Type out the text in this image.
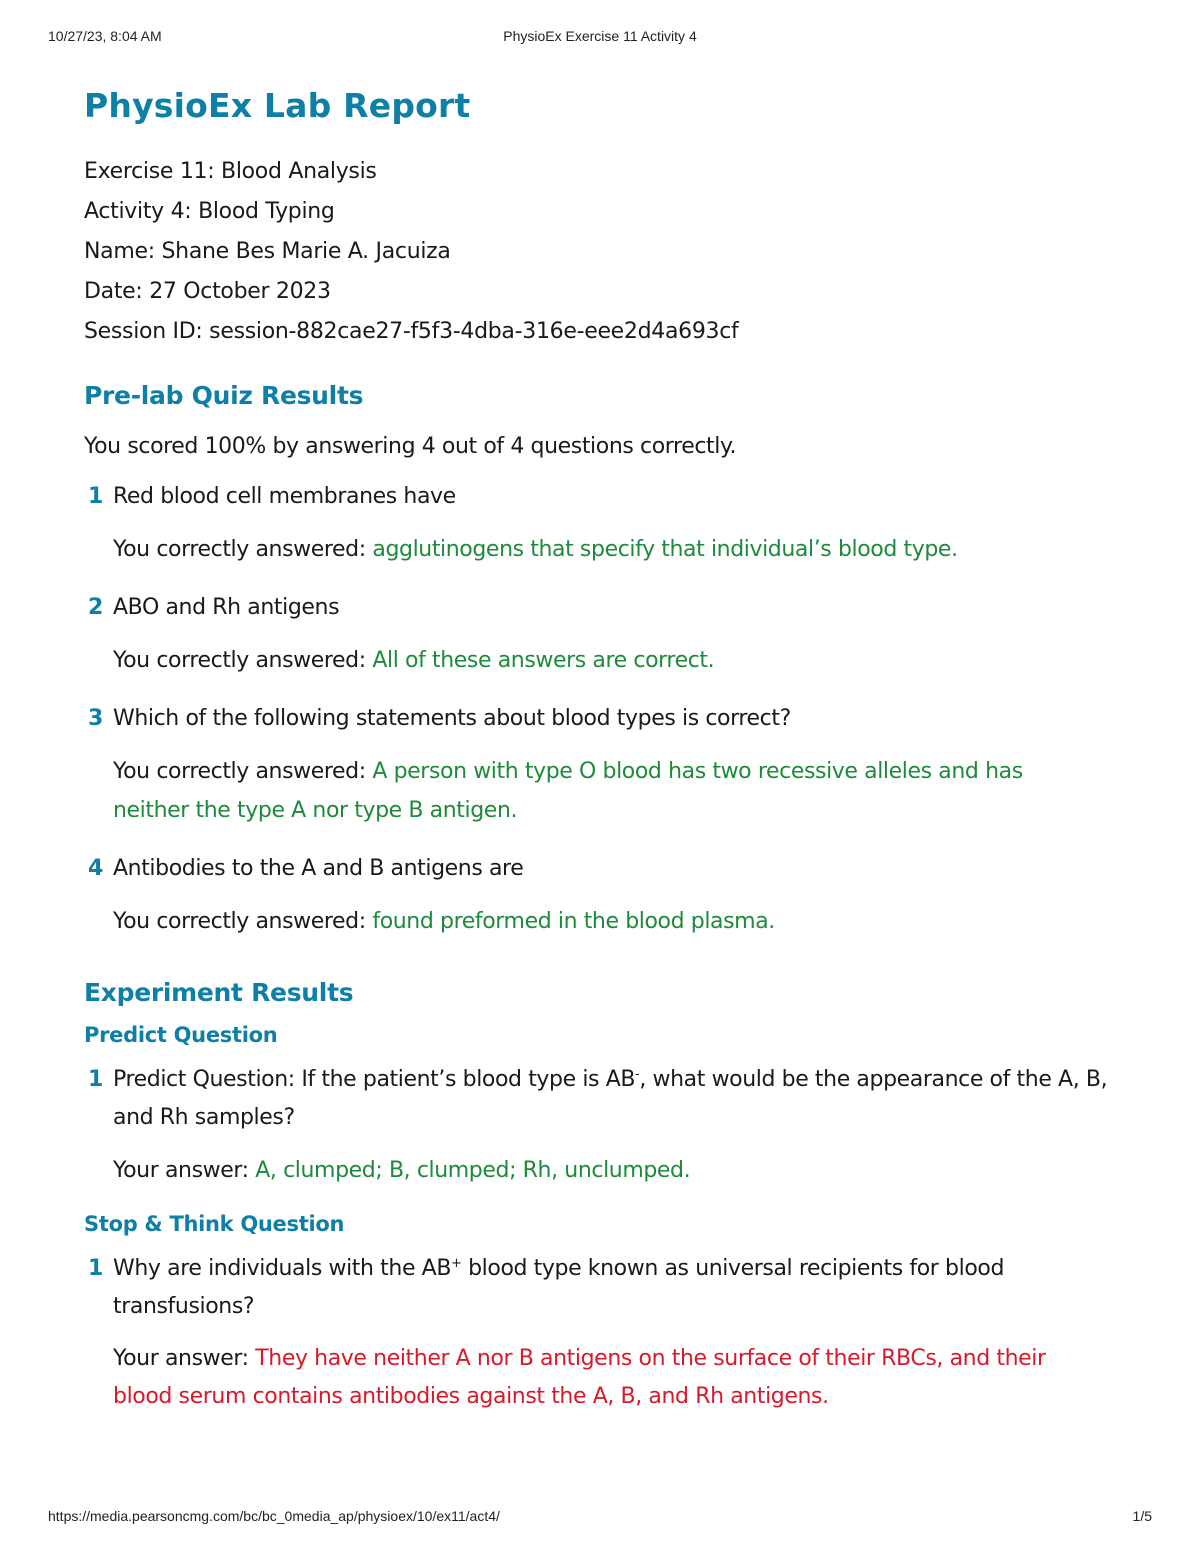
10/27/23, 8:04 AM	PhysioEx Exercise 11 Activity 4
PhysioEx Lab Report
Exercise 11: Blood Analysis
Activity 4: Blood Typing
Name: Shane Bes Marie A. Jacuiza
Date: 27 October 2023
Session ID: session-882cae27-f5f3-4dba-316e-eee2d4a693cf
Pre-lab Quiz Results
You scored 100% by answering 4 out of 4 questions correctly.
1 Red blood cell membranes have
You correctly answered: agglutinogens that specify that individual’s blood type.
2 ABO and Rh antigens
You correctly answered: All of these answers are correct.
3 Which of the following statements about blood types is correct?
You correctly answered: A person with type O blood has two recessive alleles and has neither the type A nor type B antigen.
4 Antibodies to the A and B antigens are
You correctly answered: found preformed in the blood plasma.
Experiment Results
Predict Question
1 Predict Question: If the patient’s blood type is AB-, what would be the appearance of the A, B, and Rh samples?
Your answer: A, clumped; B, clumped; Rh, unclumped.
Stop & Think Question
1 Why are individuals with the AB+ blood type known as universal recipients for blood transfusions?
Your answer: They have neither A nor B antigens on the surface of their RBCs, and their blood serum contains antibodies against the A, B, and Rh antigens.
https://media.pearsoncmg.com/bc/bc_0media_ap/physioex/10/ex11/act4/	1/5
